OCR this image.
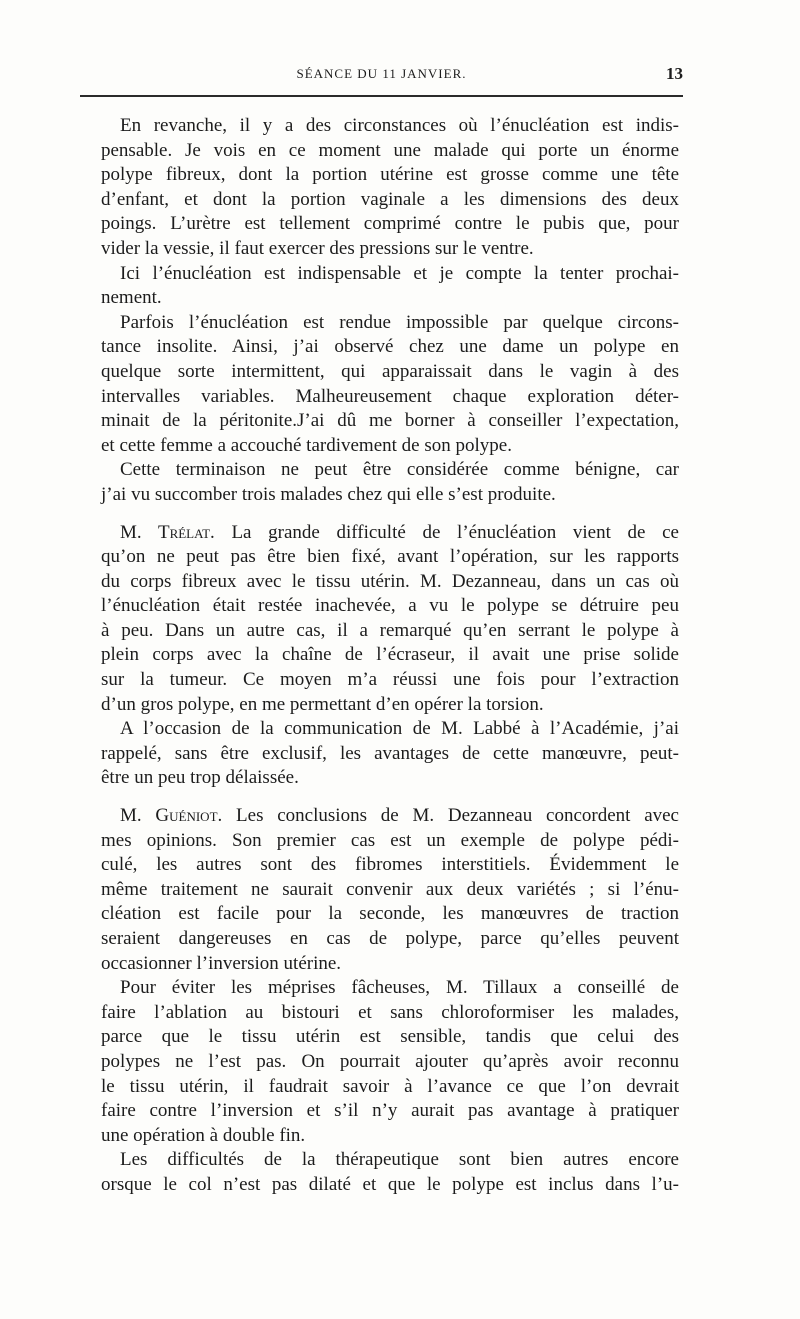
SÉANCE DU 11 JANVIER.	13
En revanche, il y a des circonstances où l’énucléation est indis-
pensable. Je vois en ce moment une malade qui porte un énorme
polype fibreux, dont la portion utérine est grosse comme une tête
d’enfant, et dont la portion vaginale a les dimensions des deux
poings. L’urètre est tellement comprimé contre le pubis que, pour
vider la vessie, il faut exercer des pressions sur le ventre.
Ici l’énucléation est indispensable et je compte la tenter prochai-
nement.
Parfois l’énucléation est rendue impossible par quelque circons-
tance insolite. Ainsi, j’ai observé chez une dame un polype en
quelque sorte intermittent, qui apparaissait dans le vagin à des
intervalles variables. Malheureusement chaque exploration déter-
minait de la péritonite.J’ai dû me borner à conseiller l’expectation,
et cette femme a accouché tardivement de son polype.
Cette terminaison ne peut être considérée comme bénigne, car
j’ai vu succomber trois malades chez qui elle s’est produite.
M. Trélat. La grande difficulté de l’énucléation vient de ce
qu’on ne peut pas être bien fixé, avant l’opération, sur les rapports
du corps fibreux avec le tissu utérin. M. Dezanneau, dans un cas où
l’énucléation était restée inachevée, a vu le polype se détruire peu
à peu. Dans un autre cas, il a remarqué qu’en serrant le polype à
plein corps avec la chaîne de l’écraseur, il avait une prise solide
sur la tumeur. Ce moyen m’a réussi une fois pour l’extraction
d’un gros polype, en me permettant d’en opérer la torsion.
A l’occasion de la communication de M. Labbé à l’Académie, j’ai
rappelé, sans être exclusif, les avantages de cette manœuvre, peut-
être un peu trop délaissée.
M. Guéniot. Les conclusions de M. Dezanneau concordent avec
mes opinions. Son premier cas est un exemple de polype pédi-
culé, les autres sont des fibromes interstitiels. Évidemment le
même traitement ne saurait convenir aux deux variétés ; si l’énu-
cléation est facile pour la seconde, les manœuvres de traction
seraient dangereuses en cas de polype, parce qu’elles peuvent
occasionner l’inversion utérine.
Pour éviter les méprises fâcheuses, M. Tillaux a conseillé de
faire l’ablation au bistouri et sans chloroformiser les malades,
parce que le tissu utérin est sensible, tandis que celui des
polypes ne l’est pas. On pourrait ajouter qu’après avoir reconnu
le tissu utérin, il faudrait savoir à l’avance ce que l’on devrait
faire contre l’inversion et s’il n’y aurait pas avantage à pratiquer
une opération à double fin.
Les difficultés de la thérapeutique sont bien autres encore
orsque le col n’est pas dilaté et que le polype est inclus dans l’u-
